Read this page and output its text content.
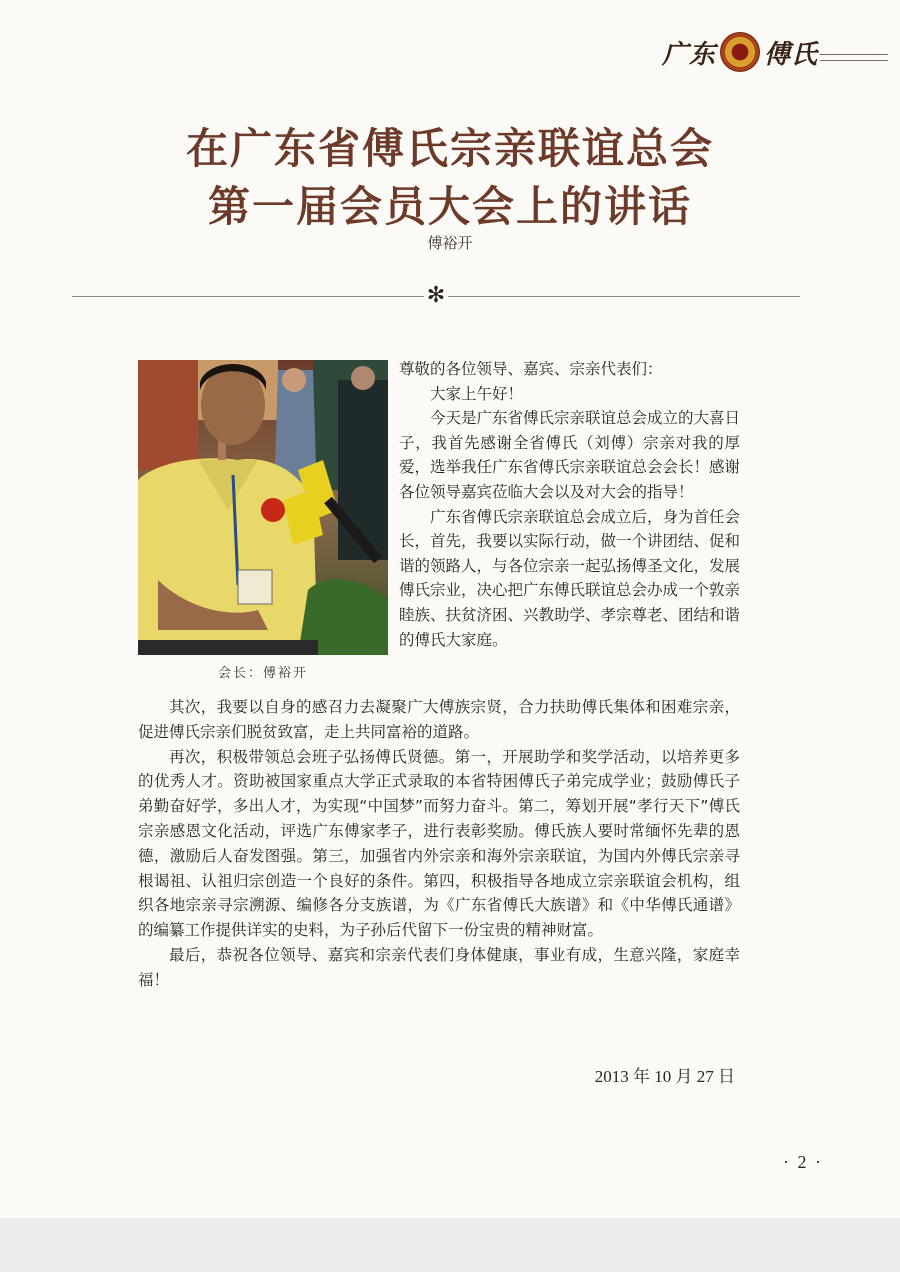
广东 傅氏
在广东省傅氏宗亲联谊总会
第一届会员大会上的讲话
傅裕开
✻
会长：傅裕开

尊敬的各位领导、嘉宾、宗亲代表们：

大家上午好！

今天是广东省傅氏宗亲联谊总会成立的大喜日子，我首先感谢全省傅氏（刘傅）宗亲对我的厚爱，选举我任广东省傅氏宗亲联谊总会会长！感谢各位领导嘉宾莅临大会以及对大会的指导！

广东省傅氏宗亲联谊总会成立后，身为首任会长，首先，我要以实际行动，做一个讲团结、促和谐的领路人，与各位宗亲一起弘扬傅圣文化，发展傅氏宗业，决心把广东傅氏联谊总会办成一个敦亲睦族、扶贫济困、兴教助学、孝宗尊老、团结和谐的傅氏大家庭。

其次，我要以自身的感召力去凝聚广大傅族宗贤，合力扶助傅氏集体和困难宗亲，促进傅氏宗亲们脱贫致富，走上共同富裕的道路。

再次，积极带领总会班子弘扬傅氏贤德。第一，开展助学和奖学活动，以培养更多的优秀人才。资助被国家重点大学正式录取的本省特困傅氏子弟完成学业；鼓励傅氏子弟勤奋好学，多出人才，为实现“中国梦”而努力奋斗。第二，筹划开展“孝行天下”傅氏宗亲感恩文化活动，评选广东傅家孝子，进行表彰奖励。傅氏族人要时常缅怀先辈的恩德，激励后人奋发图强。第三，加强省内外宗亲和海外宗亲联谊，为国内外傅氏宗亲寻根谒祖、认祖归宗创造一个良好的条件。第四，积极指导各地成立宗亲联谊会机构，组织各地宗亲寻宗溯源、编修各分支族谱，为《广东省傅氏大族谱》和《中华傅氏通谱》的编纂工作提供详实的史料，为子孙后代留下一份宝贵的精神财富。

最后，恭祝各位领导、嘉宾和宗亲代表们身体健康，事业有成，生意兴隆，家庭幸福！

2013 年 10 月 27 日
· 2 ·
